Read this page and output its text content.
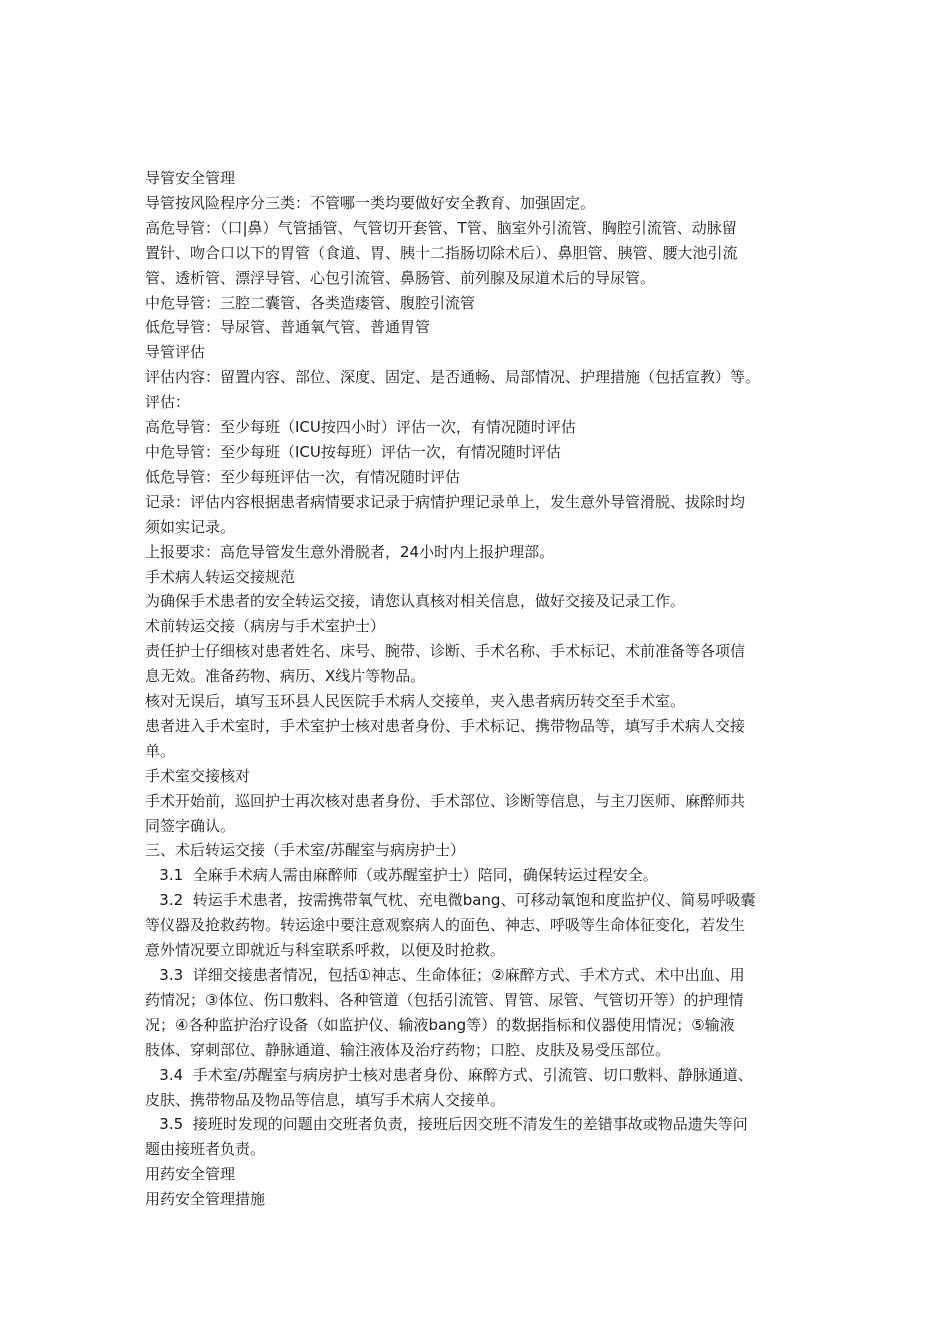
导管安全管理
导管按风险程序分三类：不管哪一类均要做好安全教育、加强固定。
高危导管：（口|鼻）气管插管、气管切开套管、T管、脑室外引流管、胸腔引流管、动脉留
置针、吻合口以下的胃管（食道、胃、胰十二指肠切除术后）、鼻胆管、胰管、腰大池引流
管、透析管、漂浮导管、心包引流管、鼻肠管、前列腺及尿道术后的导尿管。
中危导管：三腔二囊管、各类造瘘管、腹腔引流管
低危导管：导尿管、普通氧气管、普通胃管
导管评估
评估内容：留置内容、部位、深度、固定、是否通畅、局部情况、护理措施（包括宣教）等。
评估：
高危导管：至少每班（ICU按四小时）评估一次，有情况随时评估
中危导管：至少每班（ICU按每班）评估一次，有情况随时评估
低危导管：至少每班评估一次，有情况随时评估
记录：评估内容根据患者病情要求记录于病情护理记录单上，发生意外导管滑脱、拔除时均
须如实记录。
上报要求：高危导管发生意外滑脱者，24小时内上报护理部。
手术病人转运交接规范
为确保手术患者的安全转运交接，请您认真核对相关信息，做好交接及记录工作。
术前转运交接（病房与手术室护士）
责任护士仔细核对患者姓名、床号、腕带、诊断、手术名称、手术标记、术前准备等各项信
息无效。准备药物、病历、X线片等物品。
核对无误后，填写玉环县人民医院手术病人交接单，夹入患者病历转交至手术室。
患者进入手术室时，手术室护士核对患者身份、手术标记、携带物品等，填写手术病人交接
单。
手术室交接核对
手术开始前，巡回护士再次核对患者身份、手术部位、诊断等信息，与主刀医师、麻醉师共
同签字确认。
三、术后转运交接（手术室/苏醒室与病房护士）
3.1  全麻手术病人需由麻醉师（或苏醒室护士）陪同，确保转运过程安全。
3.2  转运手术患者，按需携带氧气枕、充电微bang、可移动氧饱和度监护仪、简易呼吸囊
等仪器及抢救药物。转运途中要注意观察病人的面色、神志、呼吸等生命体征变化，若发生
意外情况要立即就近与科室联系呼救，以便及时抢救。
3.3  详细交接患者情况，包括①神志、生命体征；②麻醉方式、手术方式、术中出血、用
药情况；③体位、伤口敷料、各种管道（包括引流管、胃管、尿管、气管切开等）的护理情
况；④各种监护治疗设备（如监护仪、输液bang等）的数据指标和仪器使用情况；⑤输液
肢体、穿刺部位、静脉通道、输注液体及治疗药物；口腔、皮肤及易受压部位。
3.4  手术室/苏醒室与病房护士核对患者身份、麻醉方式、引流管、切口敷料、静脉通道、
皮肤、携带物品及物品等信息，填写手术病人交接单。
3.5  接班时发现的问题由交班者负责，接班后因交班不清发生的差错事故或物品遗失等问
题由接班者负责。
用药安全管理
用药安全管理措施
